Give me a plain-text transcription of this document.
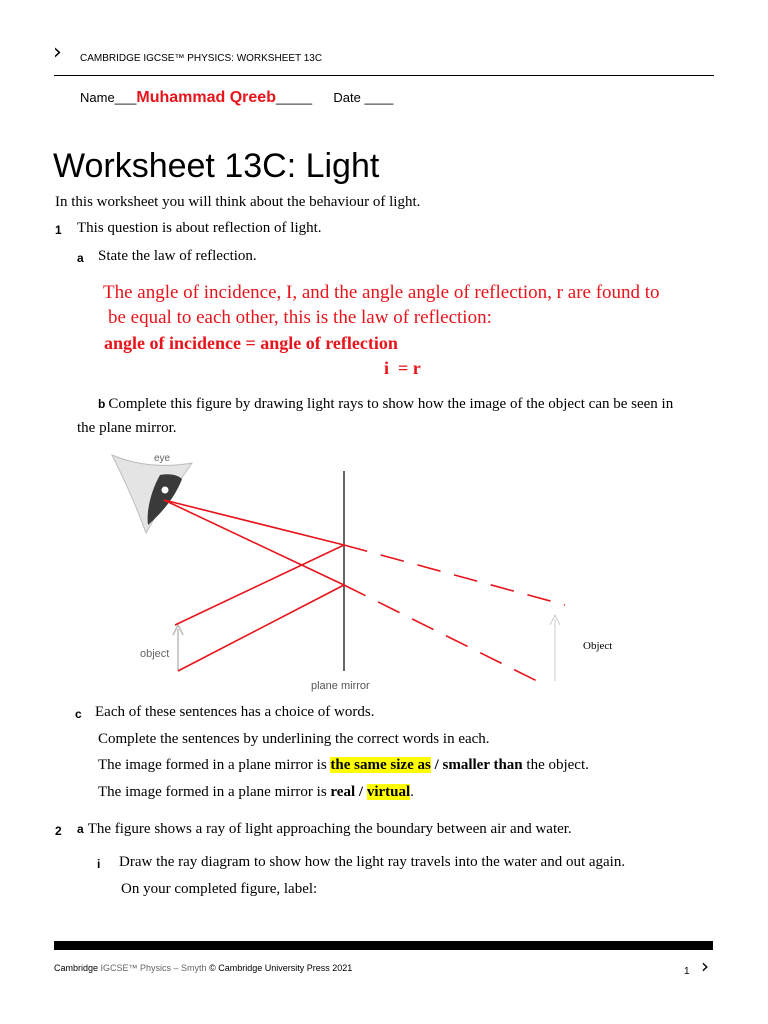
› CAMBRIDGE IGCSE™ PHYSICS: WORKSHEET 13C
Name___Muhammad Qreeb_____ Date ____
Worksheet 13C: Light
In this worksheet you will think about the behaviour of light.
1 This question is about reflection of light.
a State the law of reflection.
The angle of incidence, I, and the angle angle of reflection, r are found to
be equal to each other, this is the law of reflection:
angle of incidence = angle of reflection
i  = r
b Complete this figure by drawing light rays to show how the image of the object can be seen in
the plane mirror.
eye
plane mirror
object
Object
c Each of these sentences has a choice of words.
Complete the sentences by underlining the correct words in each.
The image formed in a plane mirror is the same size as / smaller than the object.
The image formed in a plane mirror is real / virtual.
2 a The figure shows a ray of light approaching the boundary between air and water.
i Draw the ray diagram to show how the light ray travels into the water and out again.
On your completed figure, label:
Cambridge IGCSE™ Physics – Smyth © Cambridge University Press 2021	1 ›
